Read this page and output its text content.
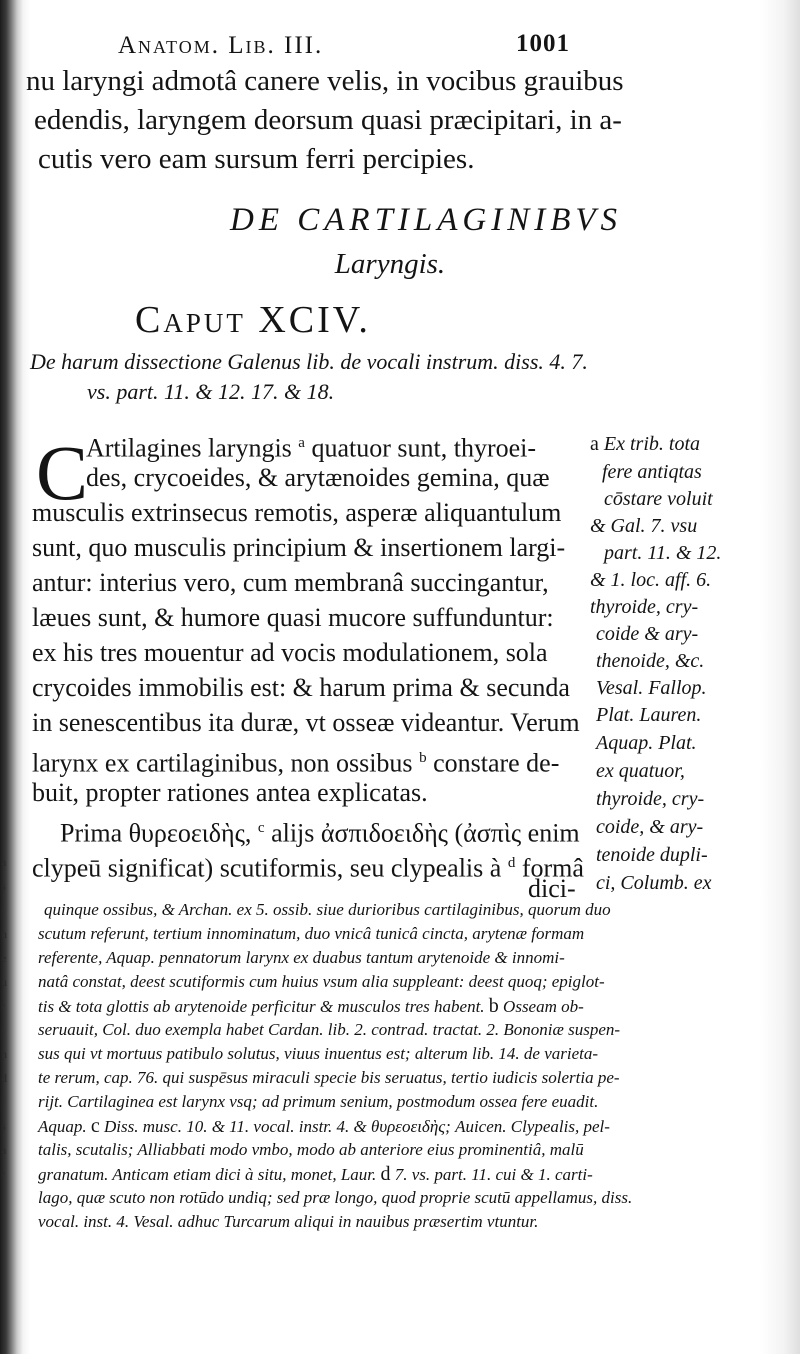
a
s
t
n
e
u
r
t
h
d
i
s
a
r
Anatom. Lib. III.	1001
nu laryngi admotâ canere velis, in vocibus grauibus
edendis, laryngem deorsum quasi præcipitari, in a-
cutis vero eam sursum ferri percipies.
DE CARTILAGINIBVS
Laryngis.
Caput XCIV.
De harum dissectione Galenus lib. de vocali instrum. diss. 4. 7.
vs. part. 11. & 12. 17. & 18.
C
Artilagines laryngis $^a$ quatuor sunt, thyroei-
des, crycoeides, & arytænoides gemina, quæ
musculis extrinsecus remotis, asperæ aliquantulum
sunt, quo musculis principium & insertionem largi-
antur: interius vero, cum membranâ succingantur,
læues sunt, & humore quasi mucore suffunduntur:
ex his tres mouentur ad vocis modulationem, sola
crycoides immobilis est: & harum prima & secunda
in senescentibus ita duræ, vt osseæ videantur. Verum
larynx ex cartilaginibus, non ossibus $^b$ constare de-
buit, propter rationes antea explicatas.
Prima θυρεοειδὴς, $^c$ alijs ἀσπιδοειδὴς (ἀσπὶς enim
clypeū significat) scutiformis, seu clypealis à $^d$ formâ
dici-
a Ex trib. tota
fere antiqtas
cōstare voluit
& Gal. 7. vsu
part. 11. & 12.
& 1. loc. aff. 6.
thyroide, cry-
coide & ary-
thenoide, &c.
Vesal. Fallop.
Plat. Lauren.
Aquap. Plat.
ex quatuor,
thyroide, cry-
coide, & ary-
tenoide dupli-
ci, Columb. ex
quinque ossibus, & Archan. ex 5. ossib. siue durioribus cartilaginibus, quorum duo
scutum referunt, tertium innominatum, duo vnicâ tunicâ cincta, arytenæ formam
referente, Aquap. pennatorum larynx ex duabus tantum arytenoide & innomi-
natâ constat, deest scutiformis cum huius vsum alia suppleant: deest quoq; epiglot-
tis & tota glottis ab arytenoide perficitur & musculos tres habent. b Osseam ob-
seruauit, Col. duo exempla habet Cardan. lib. 2. contrad. tractat. 2. Bononiæ suspen-
sus qui vt mortuus patibulo solutus, viuus inuentus est; alterum lib. 14. de varieta-
te rerum, cap. 76. qui suspēsus miraculi specie bis seruatus, tertio iudicis solertia pe-
rijt. Cartilaginea est larynx vsq; ad primum senium, postmodum ossea fere euadit.
Aquap. c Diss. musc. 10. & 11. vocal. instr. 4. & θυρεοειδὴς; Auicen. Clypealis, pel-
talis, scutalis; Alliabbati modo vmbo, modo ab anteriore eius prominentiâ, malū
granatum. Anticam etiam dici à situ, monet, Laur. d 7. vs. part. 11. cui & 1. carti-
lago, quæ scuto non rotūdo undiq; sed præ longo, quod proprie scutū appellamus, diss.
vocal. inst. 4. Vesal. adhuc Turcarum aliqui in nauibus præsertim vtuntur.
